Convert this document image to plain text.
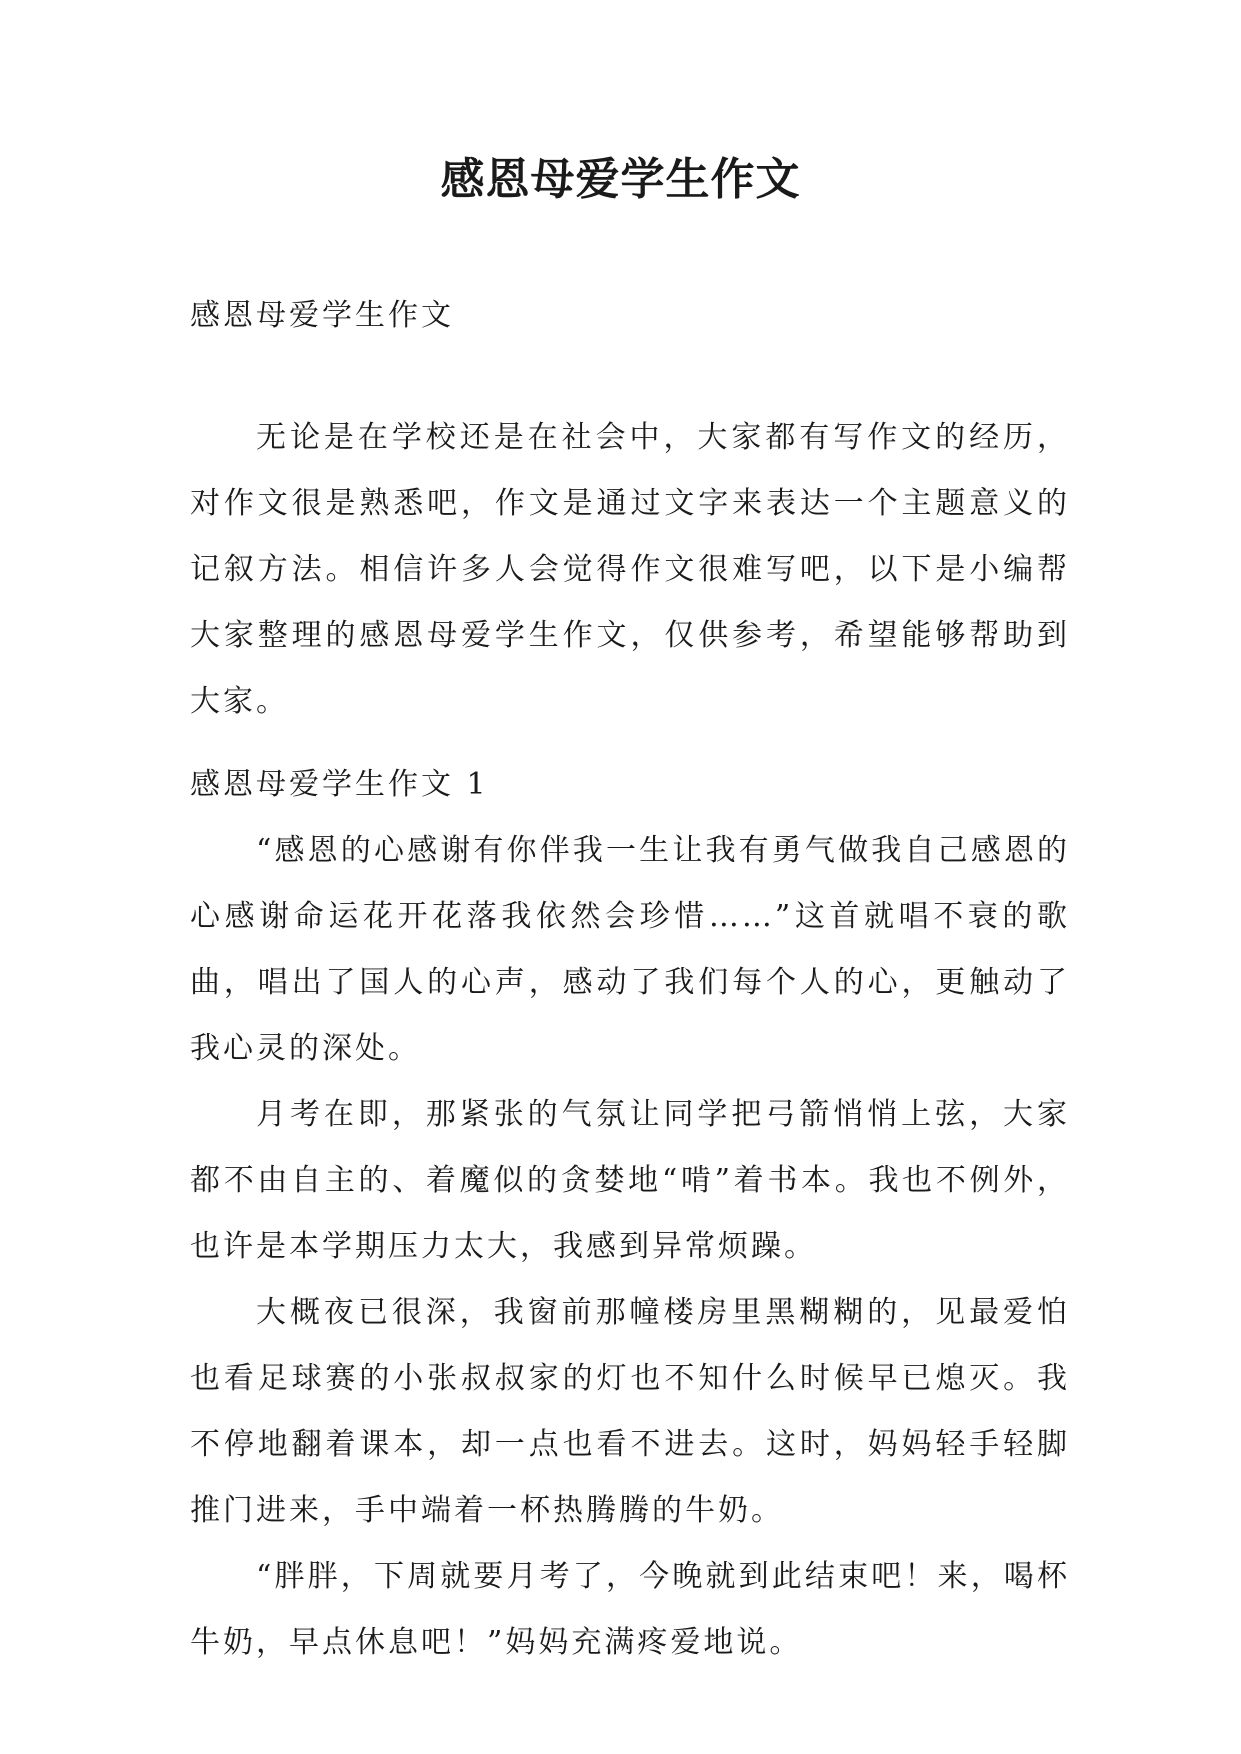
感恩母爱学生作文

感恩母爱学生作文

无论是在学校还是在社会中，大家都有写作文的经历，对作文很是熟悉吧，作文是通过文字来表达一个主题意义的记叙方法。相信许多人会觉得作文很难写吧，以下是小编帮大家整理的感恩母爱学生作文，仅供参考，希望能够帮助到大家。

感恩母爱学生作文 1

“感恩的心感谢有你伴我一生让我有勇气做我自己感恩的心感谢命运花开花落我依然会珍惜……”这首就唱不衰的歌曲，唱出了国人的心声，感动了我们每个人的心，更触动了我心灵的深处。

月考在即，那紧张的气氛让同学把弓箭悄悄上弦，大家都不由自主的、着魔似的贪婪地“啃”着书本。我也不例外，也许是本学期压力太大，我感到异常烦躁。

大概夜已很深，我窗前那幢楼房里黑糊糊的，见最爱怕也看足球赛的小张叔叔家的灯也不知什么时候早已熄灭。我不停地翻着课本，却一点也看不进去。这时，妈妈轻手轻脚推门进来，手中端着一杯热腾腾的牛奶。

“胖胖，下周就要月考了，今晚就到此结束吧！来，喝杯牛奶，早点休息吧！”妈妈充满疼爱地说。
